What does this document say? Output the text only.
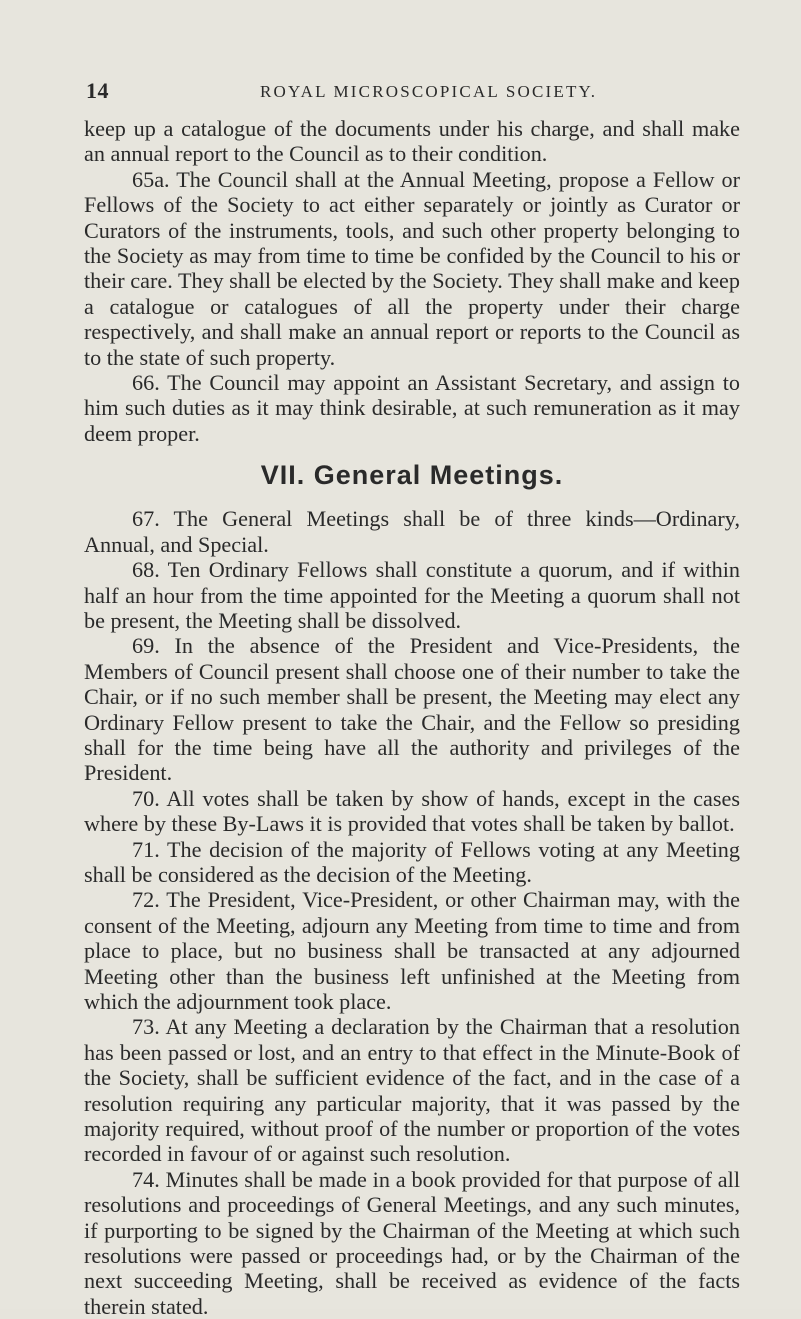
14	ROYAL MICROSCOPICAL SOCIETY.

keep up a catalogue of the documents under his charge, and shall make an annual report to the Council as to their condition.

65a. The Council shall at the Annual Meeting, propose a Fellow or Fellows of the Society to act either separately or jointly as Curator or Curators of the instruments, tools, and such other property belonging to the Society as may from time to time be confided by the Council to his or their care. They shall be elected by the Society. They shall make and keep a catalogue or catalogues of all the property under their charge respectively, and shall make an annual report or reports to the Council as to the state of such property.

66. The Council may appoint an Assistant Secretary, and assign to him such duties as it may think desirable, at such remuneration as it may deem proper.

VII. General Meetings.

67. The General Meetings shall be of three kinds—Ordinary, Annual, and Special.

68. Ten Ordinary Fellows shall constitute a quorum, and if within half an hour from the time appointed for the Meeting a quorum shall not be present, the Meeting shall be dissolved.

69. In the absence of the President and Vice-Presidents, the Members of Council present shall choose one of their number to take the Chair, or if no such member shall be present, the Meeting may elect any Ordinary Fellow present to take the Chair, and the Fellow so presiding shall for the time being have all the authority and privileges of the President.

70. All votes shall be taken by show of hands, except in the cases where by these By-Laws it is provided that votes shall be taken by ballot.

71. The decision of the majority of Fellows voting at any Meeting shall be considered as the decision of the Meeting.

72. The President, Vice-President, or other Chairman may, with the consent of the Meeting, adjourn any Meeting from time to time and from place to place, but no business shall be transacted at any adjourned Meeting other than the business left unfinished at the Meeting from which the adjournment took place.

73. At any Meeting a declaration by the Chairman that a resolution has been passed or lost, and an entry to that effect in the Minute-Book of the Society, shall be sufficient evidence of the fact, and in the case of a resolution requiring any particular majority, that it was passed by the majority required, without proof of the number or proportion of the votes recorded in favour of or against such resolution.

74. Minutes shall be made in a book provided for that purpose of all resolutions and proceedings of General Meetings, and any such minutes, if purporting to be signed by the Chairman of the Meeting at which such resolutions were passed or proceedings had, or by the Chairman of the next succeeding Meeting, shall be received as evidence of the facts therein stated.
